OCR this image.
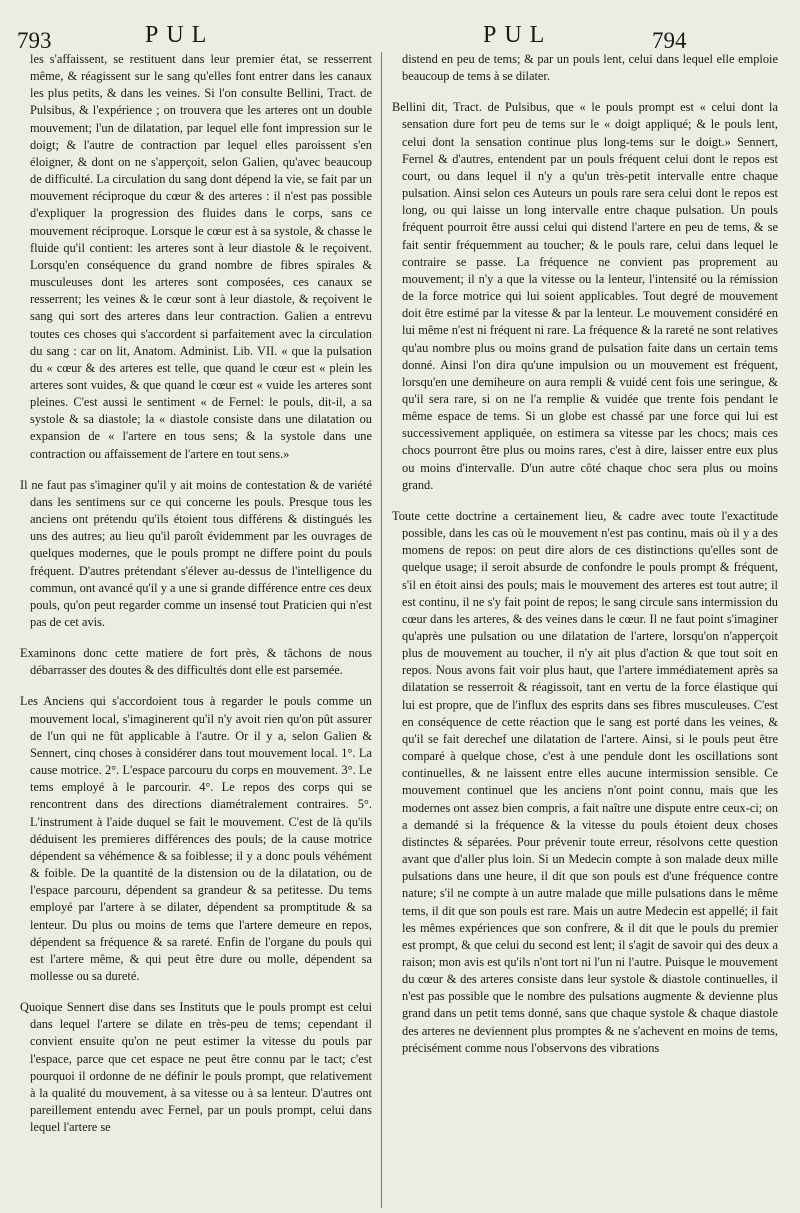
793	PUL	PUL	794

les s'affaissent, se restituent dans leur premier état, se resserrent même, & réagissent sur le sang qu'elles font entrer dans les canaux les plus petits, & dans les veines. Si l'on consulte Bellini, Tract. de Pulsibus, & l'expérience ; on trouvera que les arteres ont un double mouvement; l'un de dilatation, par lequel elle font impression sur le doigt; & l'autre de contraction par lequel elles paroissent s'en éloigner, & dont on ne s'apperçoit, selon Galien, qu'avec beaucoup de difficulté. La circulation du sang dont dépend la vie, se fait par un mouvement réciproque du cœur & des arteres : il n'est pas possible d'expliquer la progression des fluides dans le corps, sans ce mouvement réciproque. Lorsque le cœur est à sa systole, & chasse le fluide qu'il contient: les arteres sont à leur diastole & le reçoivent. Lorsqu'en conséquence du grand nombre de fibres spirales & musculeuses dont les arteres sont composées, ces canaux se resserrent; les veines & le cœur sont à leur diastole, & reçoivent le sang qui sort des arteres dans leur contraction. Galien a entrevu toutes ces choses qui s'accordent si parfaitement avec la circulation du sang : car on lit, Anatom. Administ. Lib. VII. « que la pulsation du « cœur & des arteres est telle, que quand le cœur est « plein les arteres sont vuides, & que quand le cœur est « vuide les arteres sont pleines. C'est aussi le sentiment « de Fernel: le pouls, dit-il, a sa systole & sa diastole; la « diastole consiste dans une dilatation ou expansion de « l'artere en tous sens; & la systole dans une contraction ou affaissement de l'artere en tout sens.»

Il ne faut pas s'imaginer qu'il y ait moins de contestation & de variété dans les sentimens sur ce qui concerne les pouls. Presque tous les anciens ont prétendu qu'ils étoient tous différens & distingués les uns des autres; au lieu qu'il paroît évidemment par les ouvrages de quelques modernes, que le pouls prompt ne differe point du pouls fréquent. D'autres prétendant s'élever au-dessus de l'intelligence du commun, ont avancé qu'il y a une si grande différence entre ces deux pouls, qu'on peut regarder comme un insensé tout Praticien qui n'est pas de cet avis.

Examinons donc cette matiere de fort près, & tâchons de nous débarrasser des doutes & des difficultés dont elle est parsemée.

Les Anciens qui s'accordoient tous à regarder le pouls comme un mouvement local, s'imaginerent qu'il n'y avoit rien qu'on pût assurer de l'un qui ne fût applicable à l'autre. Or il y a, selon Galien & Sennert, cinq choses à considérer dans tout mouvement local. 1°. La cause motrice. 2°. L'espace parcouru du corps en mouvement. 3°. Le tems employé à le parcourir. 4°. Le repos des corps qui se rencontrent dans des directions diamétralement contraires. 5°. L'instrument à l'aide duquel se fait le mouvement. C'est de là qu'ils déduisent les premieres différences des pouls; de la cause motrice dépendent sa véhémence & sa foiblesse; il y a donc pouls véhément & foible. De la quantité de la distension ou de la dilatation, ou de l'espace parcouru, dépendent sa grandeur & sa petitesse. Du tems employé par l'artere à se dilater, dépendent sa promptitude & sa lenteur. Du plus ou moins de tems que l'artere demeure en repos, dépendent sa fréquence & sa rareté. Enfin de l'organe du pouls qui est l'artere même, & qui peut être dure ou molle, dépendent sa mollesse ou sa dureté.

Quoique Sennert dise dans ses Instituts que le pouls prompt est celui dans lequel l'artere se dilate en très-peu de tems; cependant il convient ensuite qu'on ne peut estimer la vitesse du pouls par l'espace, parce que cet espace ne peut être connu par le tact; c'est pourquoi il ordonne de ne définir le pouls prompt, que relativement à la qualité du mouvement, à sa vitesse ou à sa lenteur. D'autres ont pareillement entendu avec Fernel, par un pouls prompt, celui dans lequel l'artere se

distend en peu de tems; & par un pouls lent, celui dans lequel elle emploie beaucoup de tems à se dilater.

Bellini dit, Tract. de Pulsibus, que « le pouls prompt est « celui dont la sensation dure fort peu de tems sur le « doigt appliqué; & le pouls lent, celui dont la sensation continue plus long-tems sur le doigt.» Sennert, Fernel & d'autres, entendent par un pouls fréquent celui dont le repos est court, ou dans lequel il n'y a qu'un très-petit intervalle entre chaque pulsation. Ainsi selon ces Auteurs un pouls rare sera celui dont le repos est long, ou qui laisse un long intervalle entre chaque pulsation. Un pouls fréquent pourroit être aussi celui qui distend l'artere en peu de tems, & se fait sentir fréquemment au toucher; & le pouls rare, celui dans lequel le contraire se passe. La fréquence ne convient pas proprement au mouvement; il n'y a que la vitesse ou la lenteur, l'intensité ou la rémission de la force motrice qui lui soient applicables. Tout degré de mouvement doit être estimé par la vitesse & par la lenteur. Le mouvement considéré en lui même n'est ni fréquent ni rare. La fréquence & la rareté ne sont relatives qu'au nombre plus ou moins grand de pulsation faite dans un certain tems donné. Ainsi l'on dira qu'une impulsion ou un mouvement est fréquent, lorsqu'en une demiheure on aura rempli & vuidé cent fois une seringue, & qu'il sera rare, si on ne l'a remplie & vuidée que trente fois pendant le même espace de tems. Si un globe est chassé par une force qui lui est successivement appliquée, on estimera sa vitesse par les chocs; mais ces chocs pourront être plus ou moins rares, c'est à dire, laisser entre eux plus ou moins d'intervalle. D'un autre côté chaque choc sera plus ou moins grand.

Toute cette doctrine a certainement lieu, & cadre avec toute l'exactitude possible, dans les cas où le mouvement n'est pas continu, mais où il y a des momens de repos: on peut dire alors de ces distinctions qu'elles sont de quelque usage; il seroit absurde de confondre le pouls prompt & fréquent, s'il en étoit ainsi des pouls; mais le mouvement des arteres est tout autre; il est continu, il ne s'y fait point de repos; le sang circule sans intermission du cœur dans les arteres, & des veines dans le cœur. Il ne faut point s'imaginer qu'après une pulsation ou une dilatation de l'artere, lorsqu'on n'apperçoit plus de mouvement au toucher, il n'y ait plus d'action & que tout soit en repos. Nous avons fait voir plus haut, que l'artere immédiatement après sa dilatation se resserroit & réagissoit, tant en vertu de la force élastique qui lui est propre, que de l'influx des esprits dans ses fibres musculeuses. C'est en conséquence de cette réaction que le sang est porté dans les veines, & qu'il se fait derechef une dilatation de l'artere. Ainsi, si le pouls peut être comparé à quelque chose, c'est à une pendule dont les oscillations sont continuelles, & ne laissent entre elles aucune intermission sensible. Ce mouvement continuel que les anciens n'ont point connu, mais que les modernes ont assez bien compris, a fait naître une dispute entre ceux-ci; on a demandé si la fréquence & la vitesse du pouls étoient deux choses distinctes & séparées. Pour prévenir toute erreur, résolvons cette question avant que d'aller plus loin. Si un Medecin compte à son malade deux mille pulsations dans une heure, il dit que son pouls est d'une fréquence contre nature; s'il ne compte à un autre malade que mille pulsations dans le même tems, il dit que son pouls est rare. Mais un autre Medecin est appellé; il fait les mêmes expériences que son confrere, & il dit que le pouls du premier est prompt, & que celui du second est lent; il s'agit de savoir qui des deux a raison; mon avis est qu'ils n'ont tort ni l'un ni l'autre. Puisque le mouvement du cœur & des arteres consiste dans leur systole & diastole continuelles, il n'est pas possible que le nombre des pulsations augmente & devienne plus grand dans un petit tems donné, sans que chaque systole & chaque diastole des arteres ne deviennent plus promptes & ne s'achevent en moins de tems, précisément comme nous l'observons des vibrations
